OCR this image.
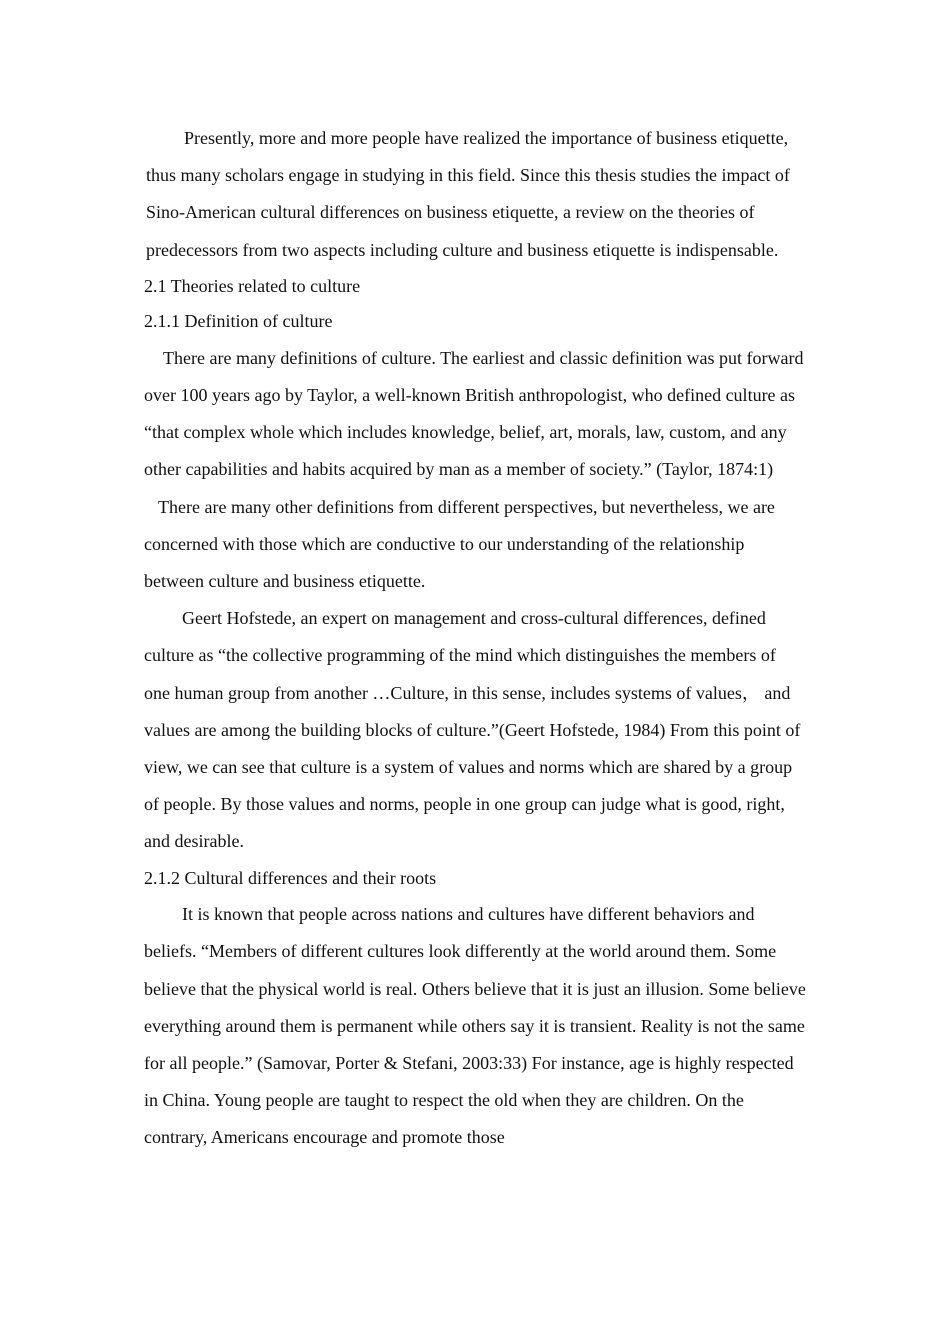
Presently, more and more people have realized the importance of business etiquette, thus many scholars engage in studying in this field. Since this thesis studies the impact of Sino-American cultural differences on business etiquette, a review on the theories of predecessors from two aspects including culture and business etiquette is indispensable.

2.1 Theories related to culture
2.1.1 Definition of culture

There are many definitions of culture. The earliest and classic definition was put forward over 100 years ago by Taylor, a well-known British anthropologist, who defined culture as “that complex whole which includes knowledge, belief, art, morals, law, custom, and any other capabilities and habits acquired by man as a member of society.” (Taylor, 1874:1)

There are many other definitions from different perspectives, but nevertheless, we are concerned with those which are conductive to our understanding of the relationship between culture and business etiquette.

Geert Hofstede, an expert on management and cross-cultural differences, defined culture as “the collective programming of the mind which distinguishes the members of one human group from another …Culture, in this sense, includes systems of values， and values are among the building blocks of culture.”(Geert Hofstede, 1984) From this point of view, we can see that culture is a system of values and norms which are shared by a group of people. By those values and norms, people in one group can judge what is good, right, and desirable.

2.1.2 Cultural differences and their roots

It is known that people across nations and cultures have different behaviors and beliefs. “Members of different cultures look differently at the world around them. Some believe that the physical world is real. Others believe that it is just an illusion. Some believe everything around them is permanent while others say it is transient. Reality is not the same for all people.” (Samovar, Porter & Stefani, 2003:33) For instance, age is highly respected in China. Young people are taught to respect the old when they are children. On the contrary, Americans encourage and promote those
